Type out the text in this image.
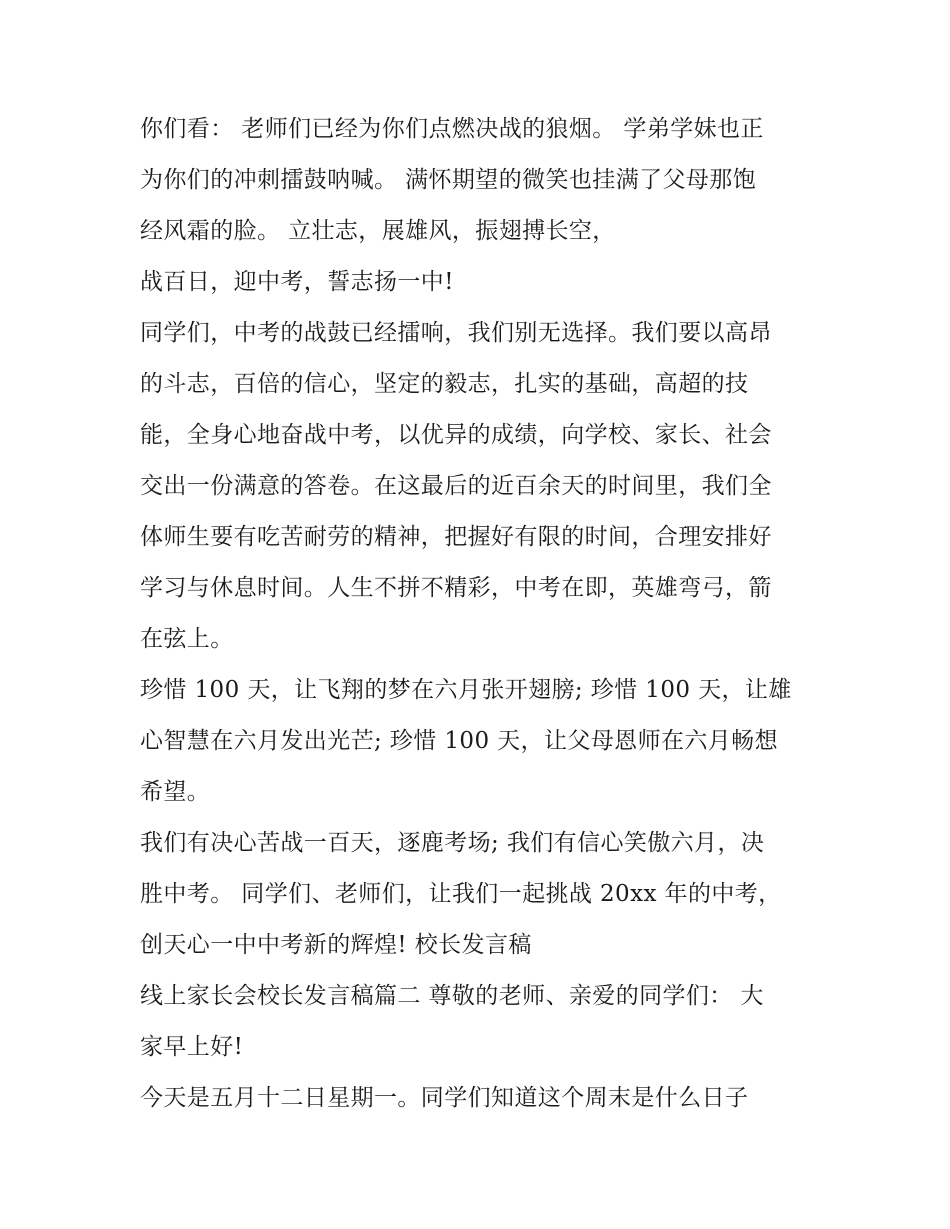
你们看： 老师们已经为你们点燃决战的狼烟。 学弟学妹也正
为你们的冲刺擂鼓呐喊。 满怀期望的微笑也挂满了父母那饱
经风霜的脸。 立壮志，展雄风，振翅搏长空，
战百日，迎中考，誓志扬一中!
同学们，中考的战鼓已经擂响，我们别无选择。我们要以高昂
的斗志，百倍的信心，坚定的毅志，扎实的基础，高超的技
能，全身心地奋战中考，以优异的成绩，向学校、家长、社会
交出一份满意的答卷。在这最后的近百余天的时间里，我们全
体师生要有吃苦耐劳的精神，把握好有限的时间，合理安排好
学习与休息时间。人生不拼不精彩，中考在即，英雄弯弓，箭
在弦上。
珍惜 100 天，让飞翔的梦在六月张开翅膀; 珍惜 100 天，让雄
心智慧在六月发出光芒; 珍惜 100 天，让父母恩师在六月畅想
希望。
我们有决心苦战一百天，逐鹿考场; 我们有信心笑傲六月，决
胜中考。 同学们、老师们，让我们一起挑战 20xx 年的中考，
创天心一中中考新的辉煌! 校长发言稿
线上家长会校长发言稿篇二 尊敬的老师、亲爱的同学们： 大
家早上好!
今天是五月十二日星期一。同学们知道这个周末是什么日子
